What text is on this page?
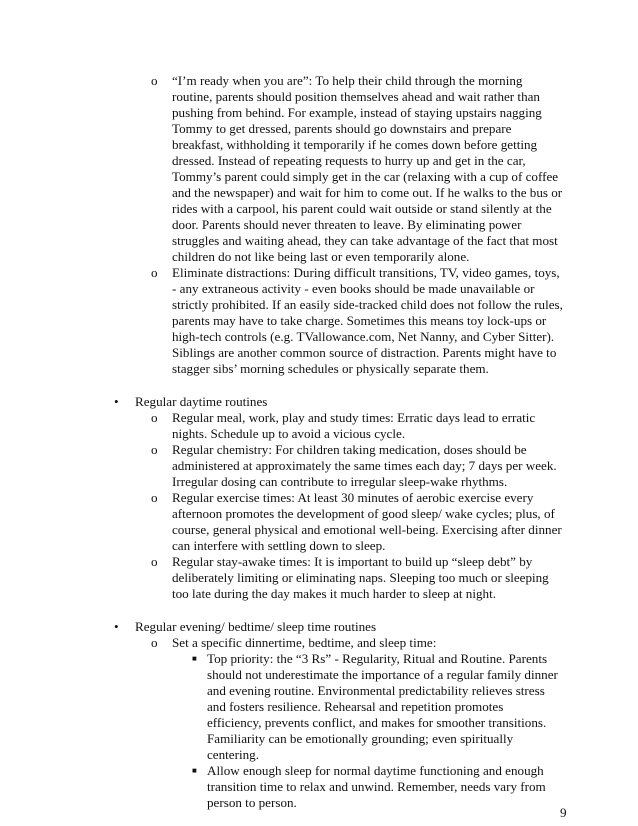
o “I’m ready when you are”: To help their child through the morning
routine, parents should position themselves ahead and wait rather than
pushing from behind. For example, instead of staying upstairs nagging
Tommy to get dressed, parents should go downstairs and prepare
breakfast, withholding it temporarily if he comes down before getting
dressed. Instead of repeating requests to hurry up and get in the car,
Tommy’s parent could simply get in the car (relaxing with a cup of coffee
and the newspaper) and wait for him to come out. If he walks to the bus or
rides with a carpool, his parent could wait outside or stand silently at the
door. Parents should never threaten to leave. By eliminating power
struggles and waiting ahead, they can take advantage of the fact that most
children do not like being last or even temporarily alone.
o Eliminate distractions: During difficult transitions, TV, video games, toys,
- any extraneous activity - even books should be made unavailable or
strictly prohibited. If an easily side-tracked child does not follow the rules,
parents may have to take charge. Sometimes this means toy lock-ups or
high-tech controls (e.g. TVallowance.com, Net Nanny, and Cyber Sitter).
Siblings are another common source of distraction. Parents might have to
stagger sibs’ morning schedules or physically separate them.
• Regular daytime routines
o Regular meal, work, play and study times: Erratic days lead to erratic
nights. Schedule up to avoid a vicious cycle.
o Regular chemistry: For children taking medication, doses should be
administered at approximately the same times each day; 7 days per week.
Irregular dosing can contribute to irregular sleep-wake rhythms.
o Regular exercise times: At least 30 minutes of aerobic exercise every
afternoon promotes the development of good sleep/ wake cycles; plus, of
course, general physical and emotional well-being. Exercising after dinner
can interfere with settling down to sleep.
o Regular stay-awake times: It is important to build up “sleep debt” by
deliberately limiting or eliminating naps. Sleeping too much or sleeping
too late during the day makes it much harder to sleep at night.
• Regular evening/ bedtime/ sleep time routines
o Set a specific dinnertime, bedtime, and sleep time:
■ Top priority: the “3 Rs” - Regularity, Ritual and Routine. Parents
should not underestimate the importance of a regular family dinner
and evening routine. Environmental predictability relieves stress
and fosters resilience. Rehearsal and repetition promotes
efficiency, prevents conflict, and makes for smoother transitions.
Familiarity can be emotionally grounding; even spiritually
centering.
■ Allow enough sleep for normal daytime functioning and enough
transition time to relax and unwind. Remember, needs vary from
person to person.
9
